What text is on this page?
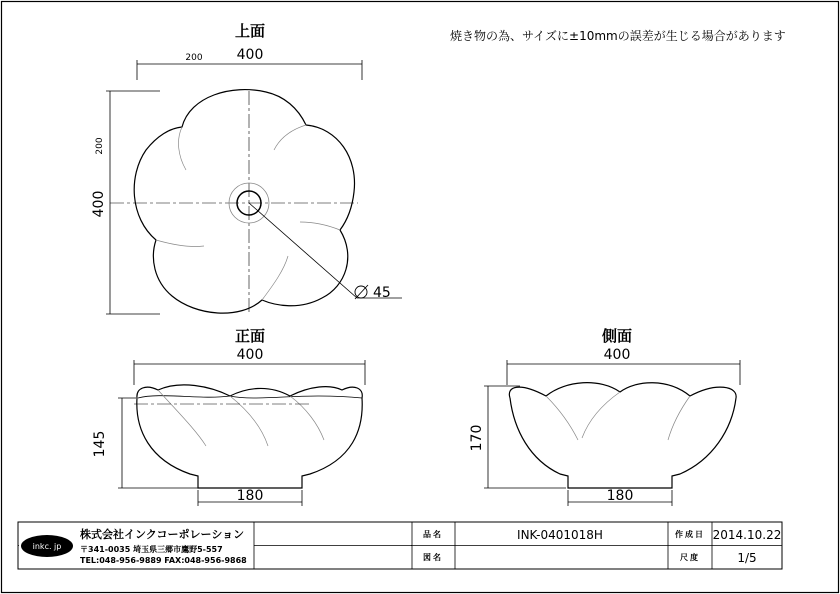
焼き物の為、サイズに±10mmの誤差が生じる場合があります
上面
400
200
400
200
45
正面
400
145
180
側面
400
170
180
inkc. jp
株式会社インクコーポレーション
〒341-0035 埼玉県三郷市鷹野5-557
TEL:048-956-9889 FAX:048-956-9868
品名	INK-0401018H
図名
作成日 2014.10.22
尺度	1/5
